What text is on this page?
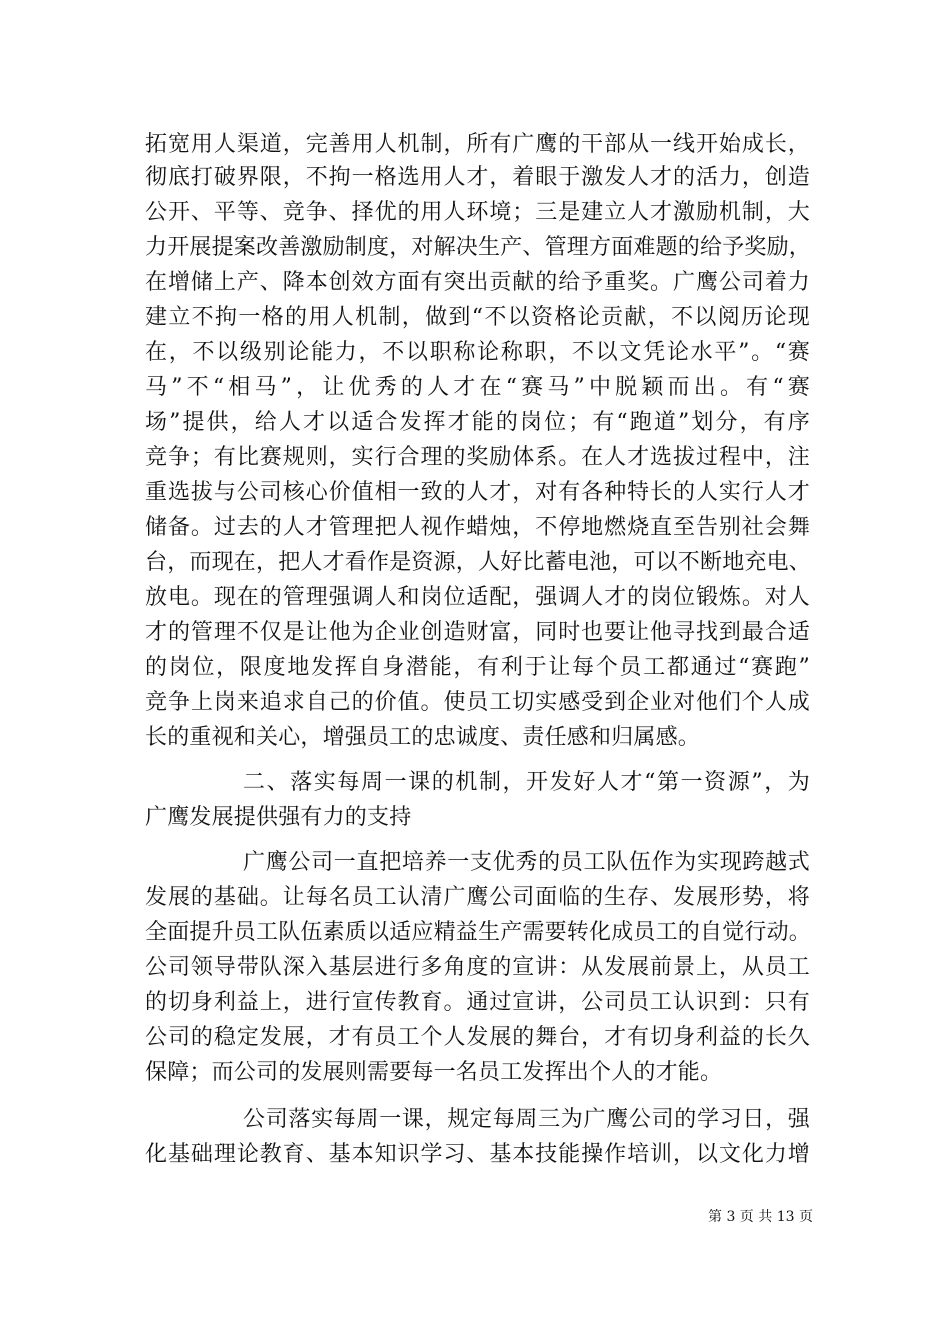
拓宽用人渠道，完善用人机制，所有广鹰的干部从一线开始成长，
彻底打破界限，不拘一格选用人才，着眼于激发人才的活力，创造
公开、平等、竞争、择优的用人环境；三是建立人才激励机制，大
力开展提案改善激励制度，对解决生产、管理方面难题的给予奖励，
在增储上产、降本创效方面有突出贡献的给予重奖。广鹰公司着力
建立不拘一格的用人机制，做到“不以资格论贡献，不以阅历论现
在，不以级别论能力，不以职称论称职，不以文凭论水平”。“赛
马”不“相马”，让优秀的人才在“赛马”中脱颖而出。有“赛
场”提供，给人才以适合发挥才能的岗位；有“跑道”划分，有序
竞争；有比赛规则，实行合理的奖励体系。在人才选拔过程中，注
重选拔与公司核心价值相一致的人才，对有各种特长的人实行人才
储备。过去的人才管理把人视作蜡烛，不停地燃烧直至告别社会舞
台，而现在，把人才看作是资源，人好比蓄电池，可以不断地充电、
放电。现在的管理强调人和岗位适配，强调人才的岗位锻炼。对人
才的管理不仅是让他为企业创造财富，同时也要让他寻找到最合适
的岗位，限度地发挥自身潜能，有利于让每个员工都通过“赛跑”
竞争上岗来追求自己的价值。使员工切实感受到企业对他们个人成
长的重视和关心，增强员工的忠诚度、责任感和归属感。
二、落实每周一课的机制，开发好人才“第一资源”，为
广鹰发展提供强有力的支持
广鹰公司一直把培养一支优秀的员工队伍作为实现跨越式
发展的基础。让每名员工认清广鹰公司面临的生存、发展形势，将
全面提升员工队伍素质以适应精益生产需要转化成员工的自觉行动。
公司领导带队深入基层进行多角度的宣讲：从发展前景上，从员工
的切身利益上，进行宣传教育。通过宣讲，公司员工认识到：只有
公司的稳定发展，才有员工个人发展的舞台，才有切身利益的长久
保障；而公司的发展则需要每一名员工发挥出个人的才能。
公司落实每周一课，规定每周三为广鹰公司的学习日，强
化基础理论教育、基本知识学习、基本技能操作培训，以文化力增
第 3 页 共 13 页
